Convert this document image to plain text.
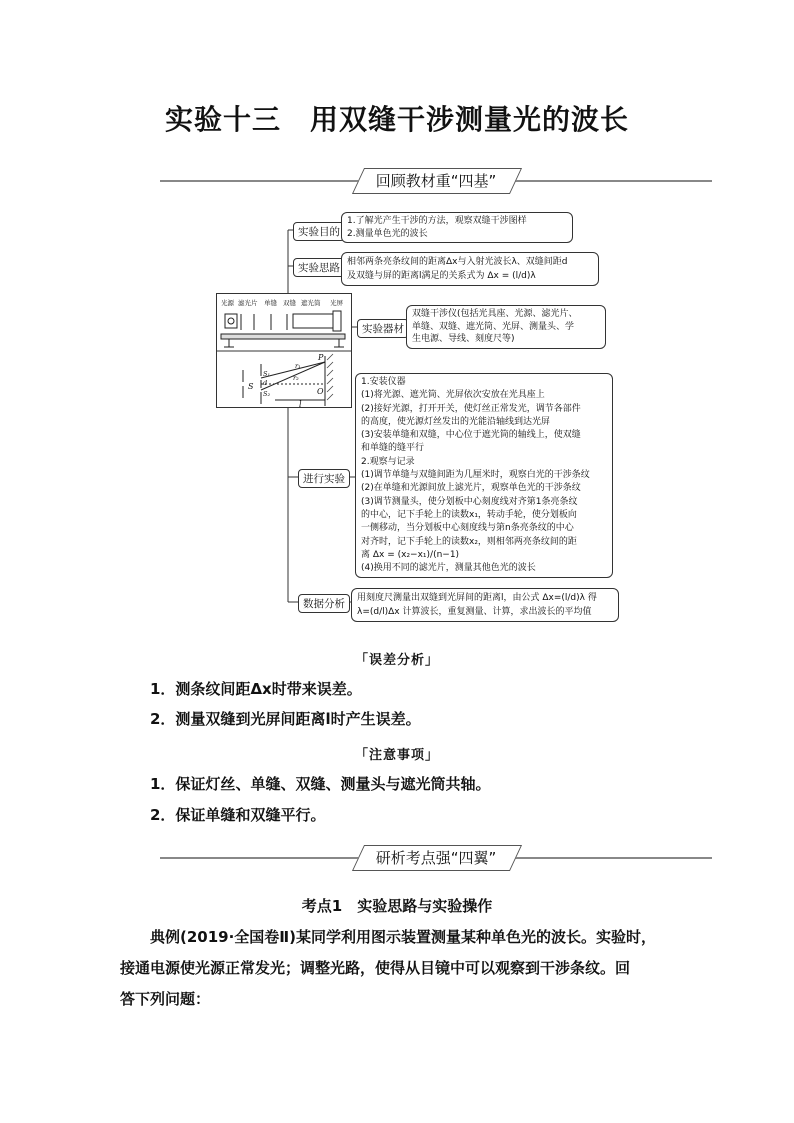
实验十三　用双缝干涉测量光的波长
回顾教材重“四基”
实验目的
实验思路
实验器材
进行实验
数据分析
1.了解光产生干涉的方法，观察双缝干涉图样
2.测量单色光的波长
相邻两条亮条纹间的距离Δx与入射光波长λ、双缝间距d
及双缝与屏的距离l满足的关系式为 Δx = (l/d)λ
双缝干涉仪(包括光具座、光源、滤光片、
单缝、双缝、遮光筒、光屏、测量头、学
生电源、导线、刻度尺等)
1.安装仪器
(1)将光源、遮光筒、光屏依次安放在光具座上
(2)接好光源，打开开关，使灯丝正常发光，调节各部件
的高度，使光源灯丝发出的光能沿轴线到达光屏
(3)安装单缝和双缝，中心位于遮光筒的轴线上，使双缝
和单缝的缝平行
2.观察与记录
(1)调节单缝与双缝间距为几厘米时，观察白光的干涉条纹
(2)在单缝和光源间放上滤光片，观察单色光的干涉条纹
(3)调节测量头，使分划板中心刻度线对齐第1条亮条纹
的中心，记下手轮上的读数x₁，转动手轮，使分划板向
一侧移动，当分划板中心刻度线与第n条亮条纹的中心
对齐时，记下手轮上的读数x₂，则相邻两亮条纹间的距
离 Δx = (x₂−x₁)/(n−1)
(4)换用不同的滤光片，测量其他色光的波长
用刻度尺测量出双缝到光屏间的距离l，由公式 Δx=(l/d)λ 得
λ=(d/l)Δx 计算波长，重复测量、计算，求出波长的平均值
光源 滤光片 单缝 双缝 遮光筒 光屏
S
S₁
d
S₂
P
r₁
r₂
O
l
「误差分析」
1．测条纹间距Δx时带来误差。
2．测量双缝到光屏间距离l时产生误差。
「注意事项」
1．保证灯丝、单缝、双缝、测量头与遮光筒共轴。
2．保证单缝和双缝平行。
研析考点强“四翼”
考点1　实验思路与实验操作
典例(2019·全国卷Ⅱ)某同学利用图示装置测量某种单色光的波长。实验时，
接通电源使光源正常发光；调整光路，使得从目镜中可以观察到干涉条纹。回
答下列问题：
